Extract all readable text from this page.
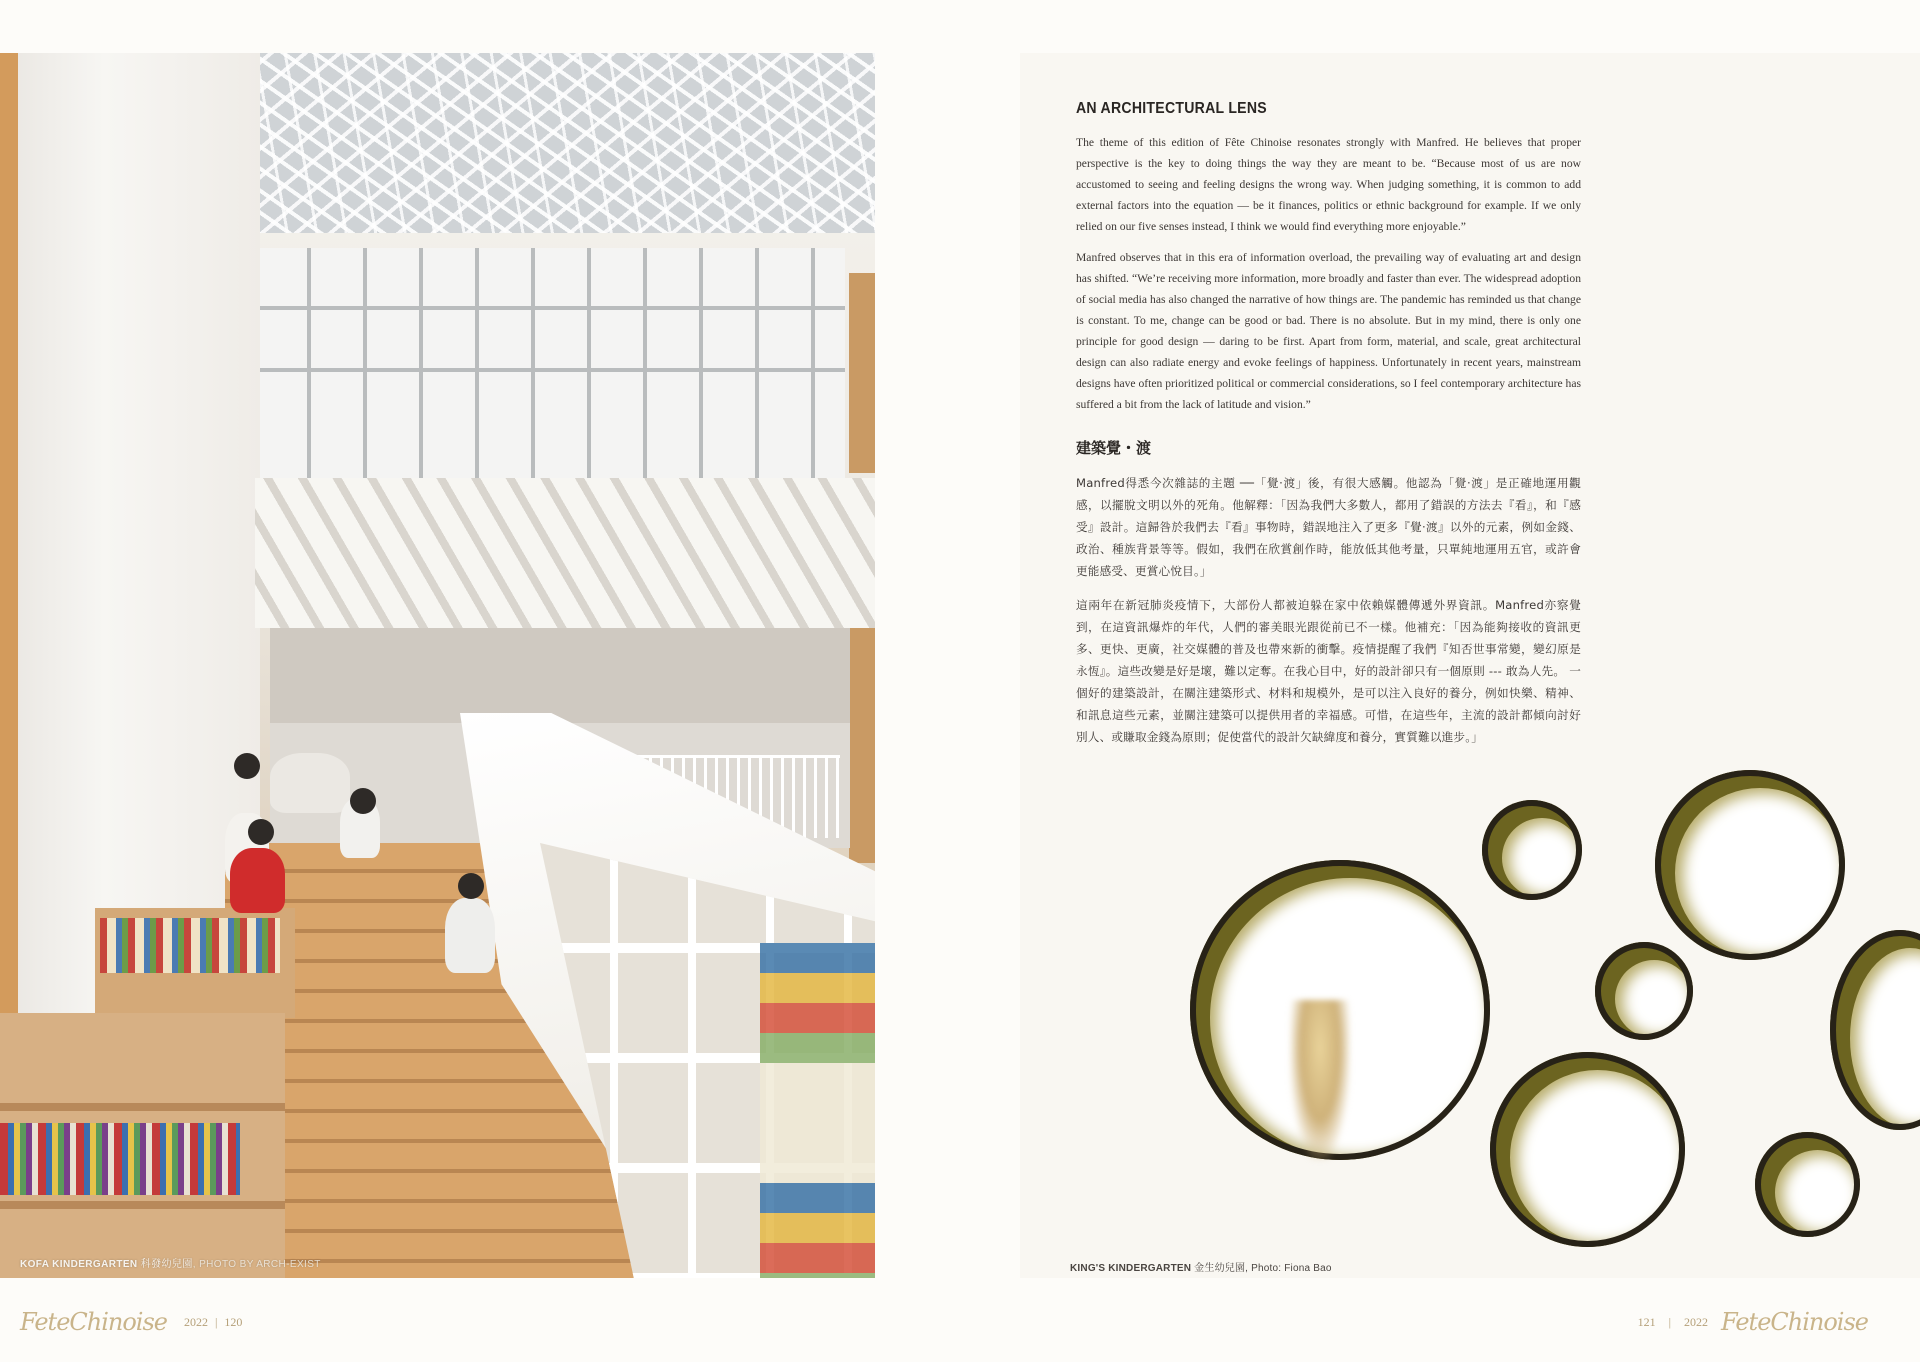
KOFA KINDERGARTEN 科發幼兒園, PHOTO BY ARCH-EXIST
FeteChinoise 2022 | 120
AN ARCHITECTURAL LENS

The theme of this edition of Fête Chinoise resonates strongly with Manfred. He believes that proper perspective is the key to doing things the way they are meant to be. “Because most of us are now accustomed to seeing and feeling designs the wrong way. When judging something, it is common to add external factors into the equation — be it finances, politics or ethnic background for example. If we only relied on our five senses instead, I think we would find everything more enjoyable.”

Manfred observes that in this era of information overload, the prevailing way of evaluating art and design has shifted. “We’re receiving more information, more broadly and faster than ever. The widespread adoption of social media has also changed the narrative of how things are. The pandemic has reminded us that change is constant. To me, change can be good or bad. There is no absolute. But in my mind, there is only one principle for good design — daring to be first. Apart from form, material, and scale, great architectural design can also radiate energy and evoke feelings of happiness. Unfortunately in recent years, mainstream designs have often prioritized political or commercial considerations, so I feel contemporary architecture has suffered a bit from the lack of latitude and vision.”

建築覺・渡

Manfred得悉今次雜誌的主題 ──「覺‧渡」後，有很大感觸。他認為「覺‧渡」是正確地運用觀感，以擺脫文明以外的死角。他解釋：「因為我們大多數人，都用了錯誤的方法去『看』，和『感受』設計。這歸咎於我們去『看』事物時，錯誤地注入了更多『覺‧渡』以外的元素，例如金錢、政治、種族背景等等。假如，我們在欣賞創作時，能放低其他考量，只單純地運用五官，或許會更能感受、更賞心悅目。」

這兩年在新冠肺炎疫情下，大部份人都被迫躲在家中依賴媒體傳遞外界資訊。Manfred亦察覺到，在這資訊爆炸的年代，人們的審美眼光跟從前已不一樣。他補充：「因為能夠接收的資訊更多、更快、更廣，社交媒體的普及也帶來新的衝擊。疫情提醒了我們『知否世事常變，變幻原是永恆』。這些改變是好是壞，難以定奪。在我心目中，好的設計卻只有一個原則 --- 敢為人先。 一個好的建築設計，在關注建築形式、材料和規模外，是可以注入良好的養分，例如快樂、精神、和訊息這些元素，並關注建築可以提供用者的幸福感。可惜，在這些年，主流的設計都傾向討好別人、或賺取金錢為原則；促使當代的設計欠缺緯度和養分，實質難以進步。」

KING'S KINDERGARTEN 金生幼兒園, Photo: Fiona Bao
121 | 2022 FeteChinoise
